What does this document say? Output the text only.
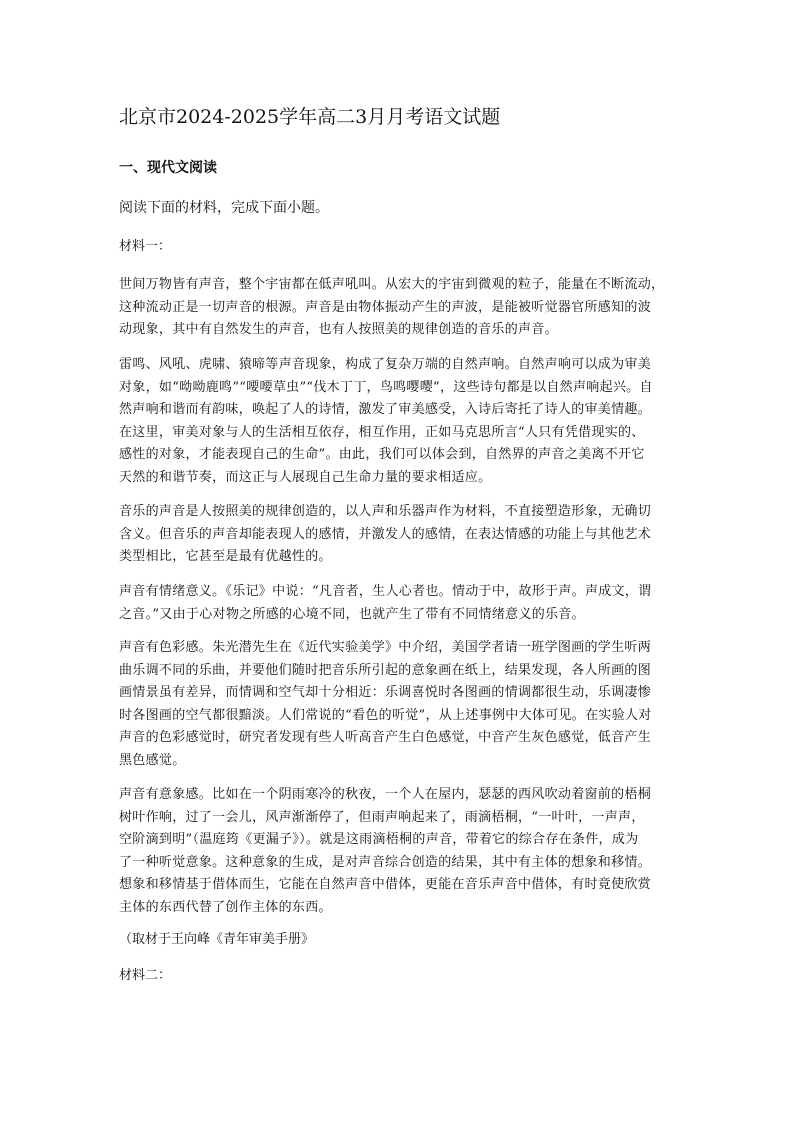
北京市2024-2025学年高二3月月考语文试题
一、现代文阅读

阅读下面的材料，完成下面小题。

材料一：

世间万物皆有声音，整个宇宙都在低声吼叫。从宏大的宇宙到微观的粒子，能量在不断流动，
这种流动正是一切声音的根源。声音是由物体振动产生的声波，是能被听觉器官所感知的波
动现象，其中有自然发生的声音，也有人按照美的规律创造的音乐的声音。

雷鸣、风吼、虎啸、猿啼等声音现象，构成了复杂万端的自然声响。自然声响可以成为审美
对象，如“呦呦鹿鸣”“喓喓草虫”“伐木丁丁，鸟鸣嘤嘤”，这些诗句都是以自然声响起兴。自
然声响和谐而有韵味，唤起了人的诗情，激发了审美感受，入诗后寄托了诗人的审美情趣。
在这里，审美对象与人的生活相互依存，相互作用，正如马克思所言“人只有凭借现实的、
感性的对象，才能表现自己的生命”。由此，我们可以体会到，自然界的声音之美离不开它
天然的和谐节奏，而这正与人展现自己生命力量的要求相适应。

音乐的声音是人按照美的规律创造的，以人声和乐器声作为材料，不直接塑造形象，无确切
含义。但音乐的声音却能表现人的感情，并激发人的感情，在表达情感的功能上与其他艺术
类型相比，它甚至是最有优越性的。

声音有情绪意义。《乐记》中说：“凡音者，生人心者也。情动于中，故形于声。声成文，谓
之音。”又由于心对物之所感的心境不同，也就产生了带有不同情绪意义的乐音。

声音有色彩感。朱光潜先生在《近代实验美学》中介绍，美国学者请一班学图画的学生听两
曲乐调不同的乐曲，并要他们随时把音乐所引起的意象画在纸上，结果发现，各人所画的图
画情景虽有差异，而情调和空气却十分相近：乐调喜悦时各图画的情调都很生动，乐调凄惨
时各图画的空气都很黯淡。人们常说的“看色的听觉”，从上述事例中大体可见。在实验人对
声音的色彩感觉时，研究者发现有些人听高音产生白色感觉，中音产生灰色感觉，低音产生
黑色感觉。

声音有意象感。比如在一个阴雨寒冷的秋夜，一个人在屋内，瑟瑟的西风吹动着窗前的梧桐
树叶作响，过了一会儿，风声渐渐停了，但雨声响起来了，雨滴梧桐，“一叶叶，一声声，
空阶滴到明”（温庭筠《更漏子》）。就是这雨滴梧桐的声音，带着它的综合存在条件，成为
了一种听觉意象。这种意象的生成，是对声音综合创造的结果，其中有主体的想象和移情。
想象和移情基于借体而生，它能在自然声音中借体，更能在音乐声音中借体，有时竟使欣赏
主体的东西代替了创作主体的东西。

（取材于王向峰《青年审美手册》

材料二：
